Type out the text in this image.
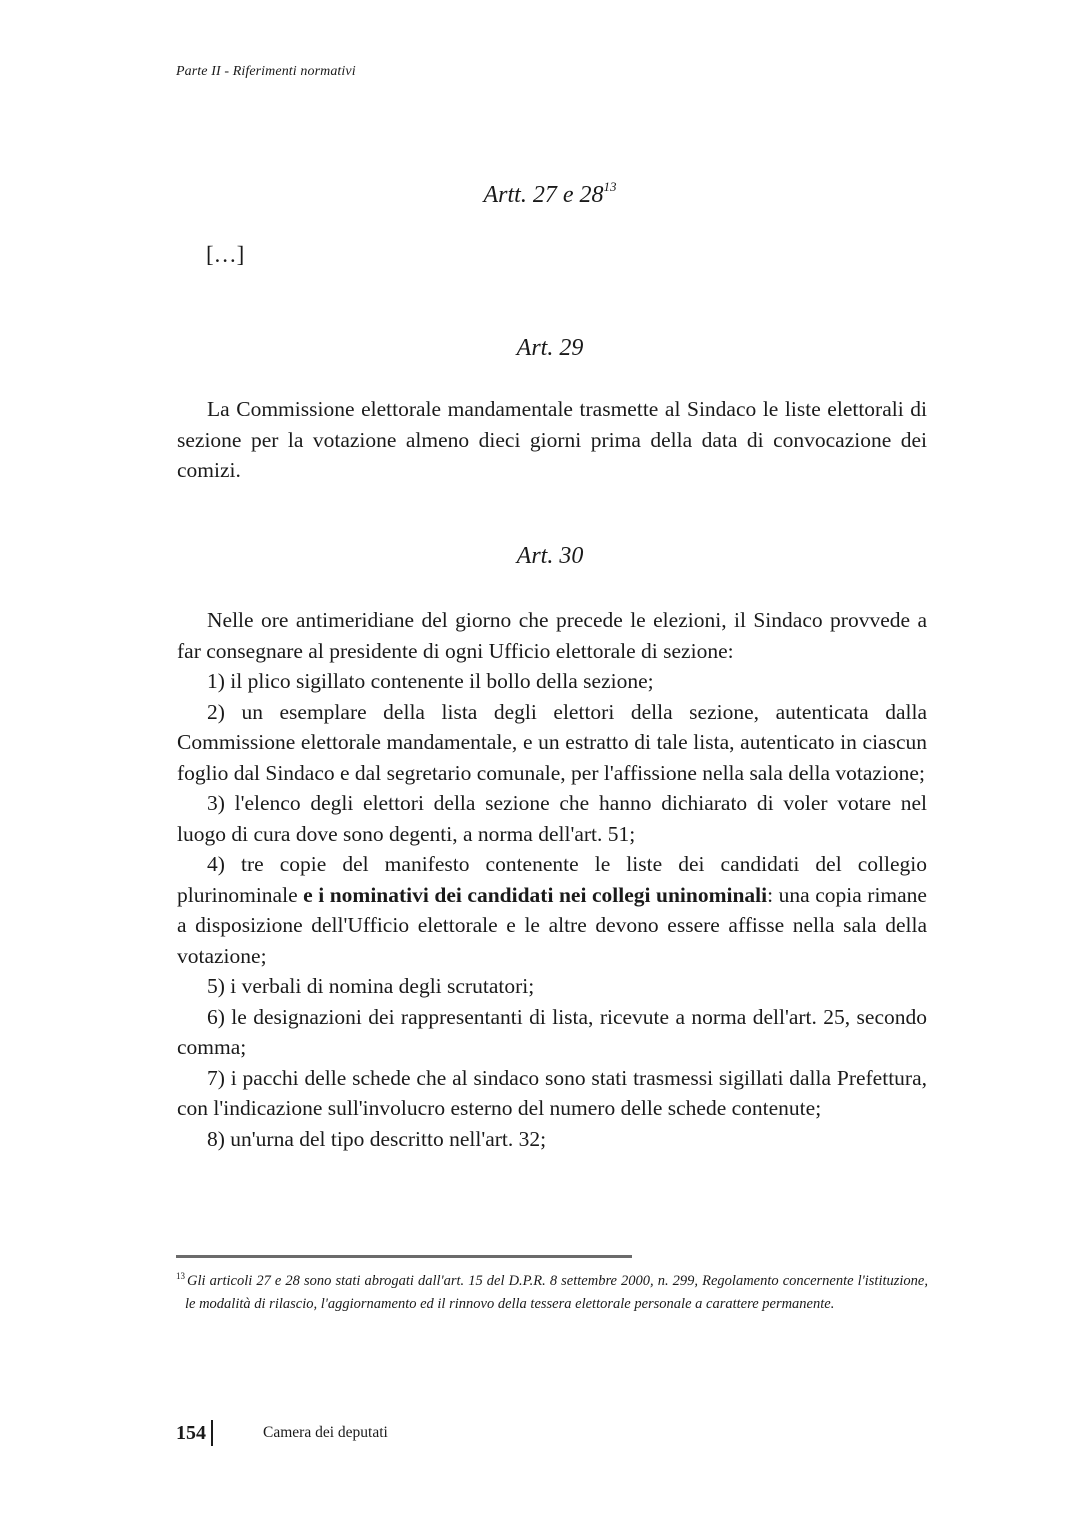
Parte II - Riferimenti normativi
Artt. 27 e $28^{13}$
[…]
Art. 29

La Commissione elettorale mandamentale trasmette al Sindaco le liste elettorali di sezione per la votazione almeno dieci giorni prima della data di convocazione dei comizi.

Art. 30

Nelle ore antimeridiane del giorno che precede le elezioni, il Sindaco provvede a far consegnare al presidente di ogni Ufficio elettorale di sezione:

1) il plico sigillato contenente il bollo della sezione;

2) un esemplare della lista degli elettori della sezione, autenticata dalla Commissione elettorale mandamentale, e un estratto di tale lista, autenticato in ciascun foglio dal Sindaco e dal segretario comunale, per l'affissione nella sala della votazione;

3) l'elenco degli elettori della sezione che hanno dichiarato di voler votare nel luogo di cura dove sono degenti, a norma dell'art. 51;

4) tre copie del manifesto contenente le liste dei candidati del collegio plurinominale e i nominativi dei candidati nei collegi uninominali: una copia rimane a disposizione dell'Ufficio elettorale e le altre devono essere affisse nella sala della votazione;

5) i verbali di nomina degli scrutatori;

6) le designazioni dei rappresentanti di lista, ricevute a norma dell'art. 25, secondo comma;

7) i pacchi delle schede che al sindaco sono stati trasmessi sigillati dalla Prefettura, con l'indicazione sull'involucro esterno del numero delle schede contenute;

8) un'urna del tipo descritto nell'art. 32;

$^{13}$ Gli articoli 27 e 28 sono stati abrogati dall'art. 15 del D.P.R. 8 settembre 2000, n. 299, Regolamento concernente l'istituzione, le modalità di rilascio, l'aggiornamento ed il rinnovo della tessera elettorale personale a carattere permanente.
154	Camera dei deputati
